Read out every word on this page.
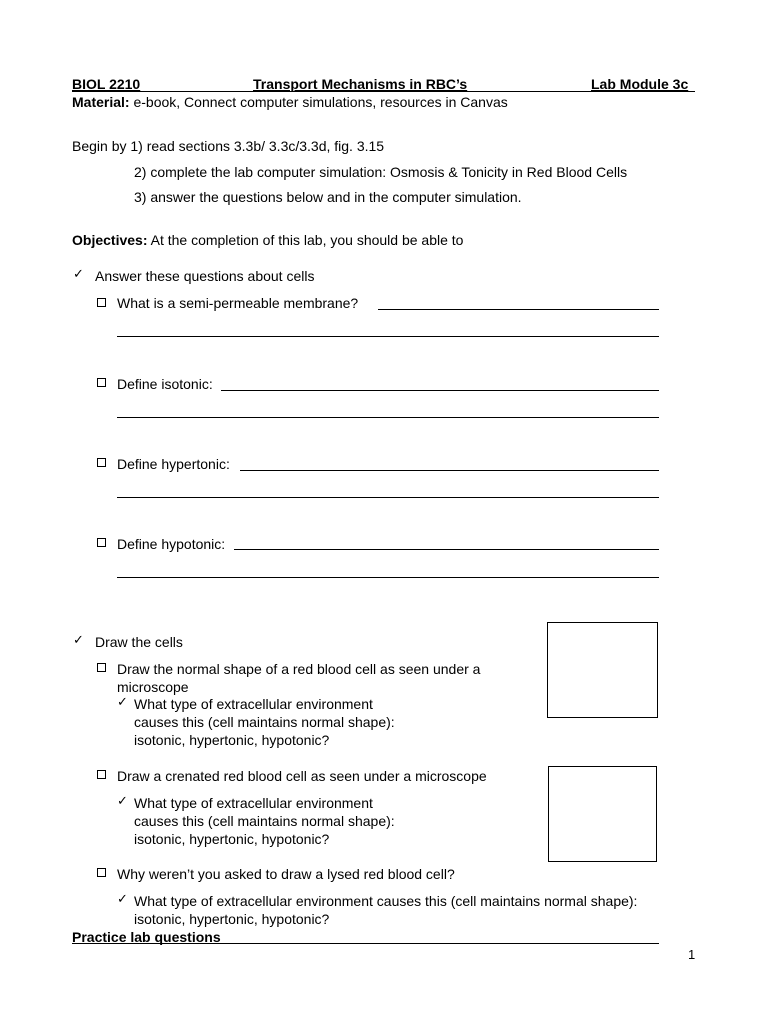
BIOL 2210	Transport Mechanisms in RBC’s	Lab Module 3c
Material: e-book, Connect computer simulations, resources in Canvas
Begin by 1) read sections 3.3b/ 3.3c/3.3d, fig. 3.15
2) complete the lab computer simulation: Osmosis & Tonicity in Red Blood Cells
3) answer the questions below and in the computer simulation.
Objectives: At the completion of this lab, you should be able to
✓ Answer these questions about cells
What is a semi-permeable membrane?
Define isotonic:
Define hypertonic:
Define hypotonic:
✓ Draw the cells
Draw the normal shape of a red blood cell as seen under a
microscope
✓ What type of extracellular environment
causes this (cell maintains normal shape):
isotonic, hypertonic, hypotonic?
Draw a crenated red blood cell as seen under a microscope
✓ What type of extracellular environment
causes this (cell maintains normal shape):
isotonic, hypertonic, hypotonic?
Why weren’t you asked to draw a lysed red blood cell?
✓ What type of extracellular environment causes this (cell maintains normal shape):
isotonic, hypertonic, hypotonic?
Practice lab questions
1
